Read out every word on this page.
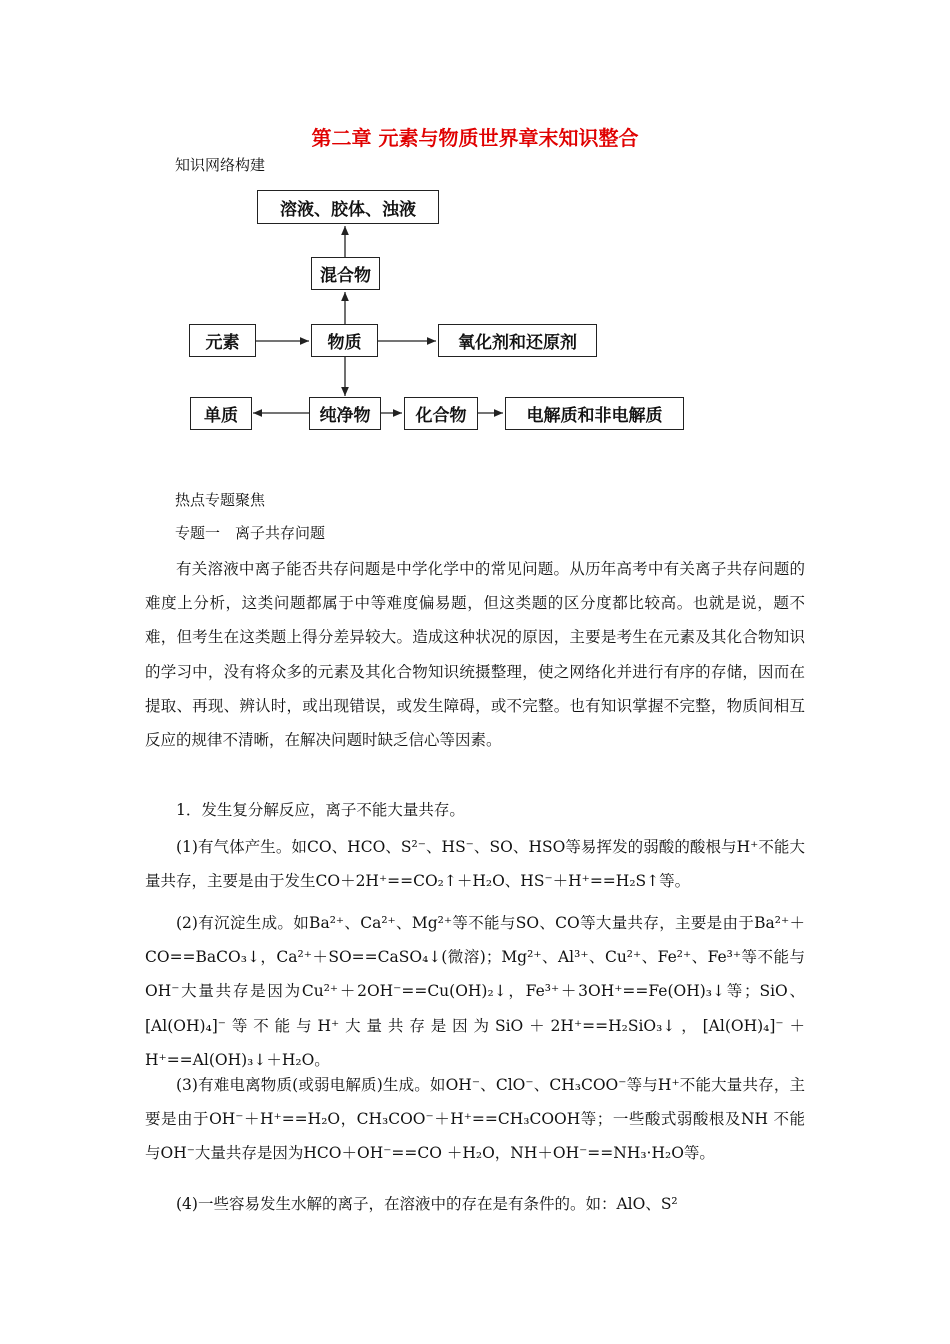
第二章 元素与物质世界章末知识整合
知识网络构建
溶液、胶体、浊液
混合物
元素	物质	氧化剂和还原剂
单质	纯净物	化合物	电解质和非电解质
热点专题聚焦
专题一　离子共存问题

有关溶液中离子能否共存问题是中学化学中的常见问题。从历年高考中有关离子共存问题的难度上分析，这类问题都属于中等难度偏易题，但这类题的区分度都比较高。也就是说，题不难，但考生在这类题上得分差异较大。造成这种状况的原因，主要是考生在元素及其化合物知识的学习中，没有将众多的元素及其化合物知识统摄整理，使之网络化并进行有序的存储，因而在提取、再现、辨认时，或出现错误，或发生障碍，或不完整。也有知识掌握不完整，物质间相互反应的规律不清晰，在解决问题时缺乏信心等因素。

1．发生复分解反应，离子不能大量共存。

(1)有气体产生。如CO、HCO、S²⁻、HS⁻、SO、HSO等易挥发的弱酸的酸根与H⁺不能大量共存，主要是由于发生CO＋2H⁺==CO₂↑＋H₂O、HS⁻＋H⁺==H₂S↑等。

(2)有沉淀生成。如Ba²⁺、Ca²⁺、Mg²⁺等不能与SO、CO等大量共存，主要是由于Ba²⁺＋CO==BaCO₃↓，Ca²⁺＋SO==CaSO₄↓(微溶)；Mg²⁺、Al³⁺、Cu²⁺、Fe²⁺、Fe³⁺等不能与OH⁻大量共存是因为Cu²⁺＋2OH⁻==Cu(OH)₂↓，Fe³⁺＋3OH⁺==Fe(OH)₃↓等；SiO、[Al(OH)₄]⁻等不能与H⁺大量共存是因为SiO＋2H⁺==H₂SiO₃↓，[Al(OH)₄]⁻＋H⁺==Al(OH)₃↓＋H₂O。

(3)有难电离物质(或弱电解质)生成。如OH⁻、ClO⁻、CH₃COO⁻等与H⁺不能大量共存，主要是由于OH⁻＋H⁺==H₂O，CH₃COO⁻＋H⁺==CH₃COOH等；一些酸式弱酸根及NH 不能与OH⁻大量共存是因为HCO＋OH⁻==CO ＋H₂O，NH＋OH⁻==NH₃·H₂O等。

(4)一些容易发生水解的离子，在溶液中的存在是有条件的。如：AlO、S²
